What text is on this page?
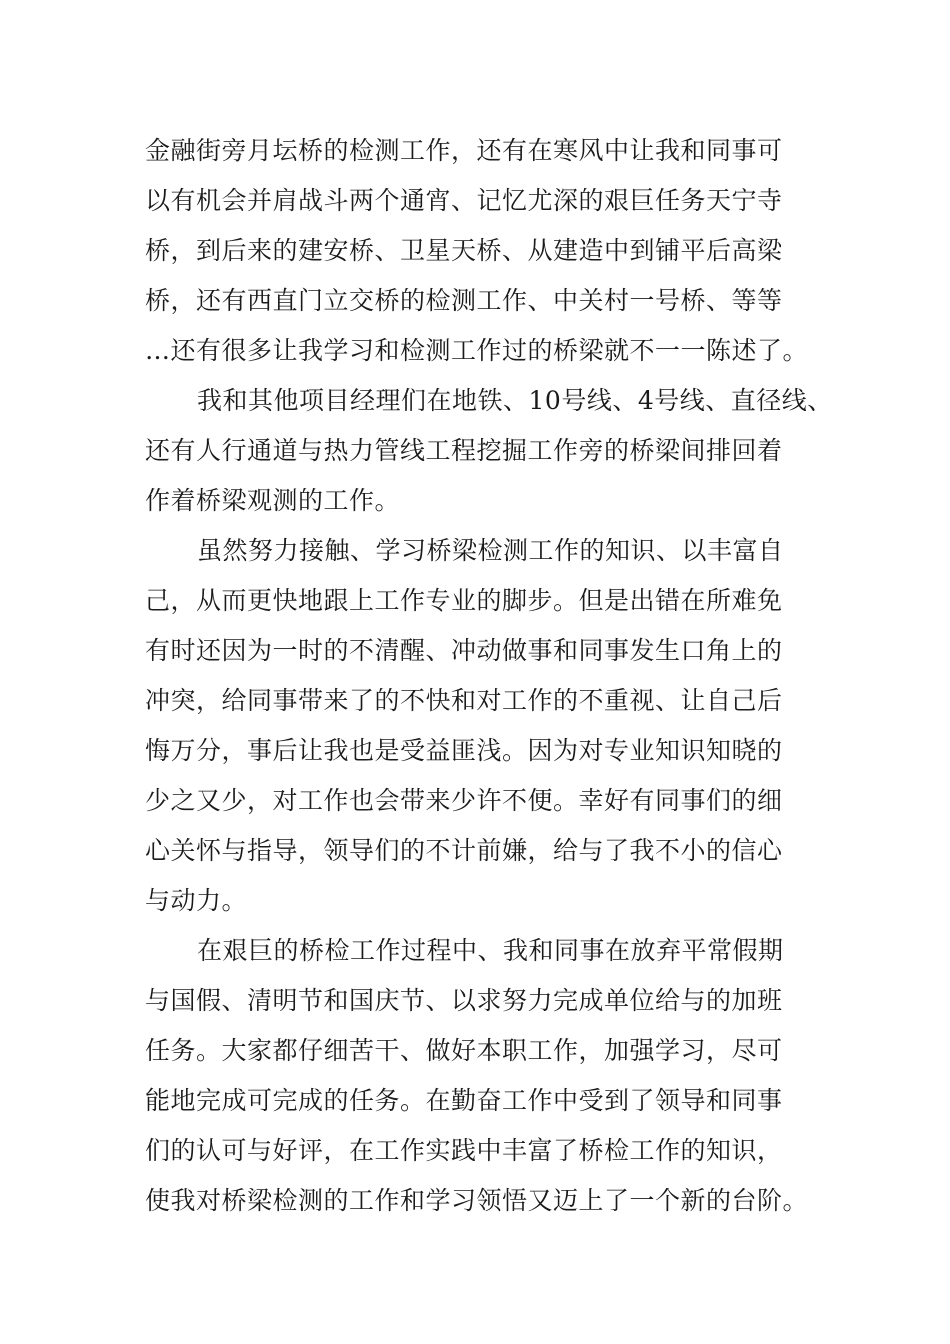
金融街旁月坛桥的检测工作，还有在寒风中让我和同事可
以有机会并肩战斗两个通宵、记忆尤深的艰巨任务天宁寺
桥，到后来的建安桥、卫星天桥、从建造中到铺平后高梁
桥，还有西直门立交桥的检测工作、中关村一号桥、等等
…还有很多让我学习和检测工作过的桥梁就不一一陈述了。
我和其他项目经理们在地铁、10号线、4号线、直径线、
还有人行通道与热力管线工程挖掘工作旁的桥梁间排回着
作着桥梁观测的工作。
虽然努力接触、学习桥梁检测工作的知识、以丰富自
己，从而更快地跟上工作专业的脚步。但是出错在所难免
有时还因为一时的不清醒、冲动做事和同事发生口角上的
冲突，给同事带来了的不快和对工作的不重视、让自己后
悔万分，事后让我也是受益匪浅。因为对专业知识知晓的
少之又少，对工作也会带来少许不便。幸好有同事们的细
心关怀与指导，领导们的不计前嫌，给与了我不小的信心
与动力。
在艰巨的桥检工作过程中、我和同事在放弃平常假期
与国假、清明节和国庆节、以求努力完成单位给与的加班
任务。大家都仔细苦干、做好本职工作，加强学习，尽可
能地完成可完成的任务。在勤奋工作中受到了领导和同事
们的认可与好评，在工作实践中丰富了桥检工作的知识，
使我对桥梁检测的工作和学习领悟又迈上了一个新的台阶。
